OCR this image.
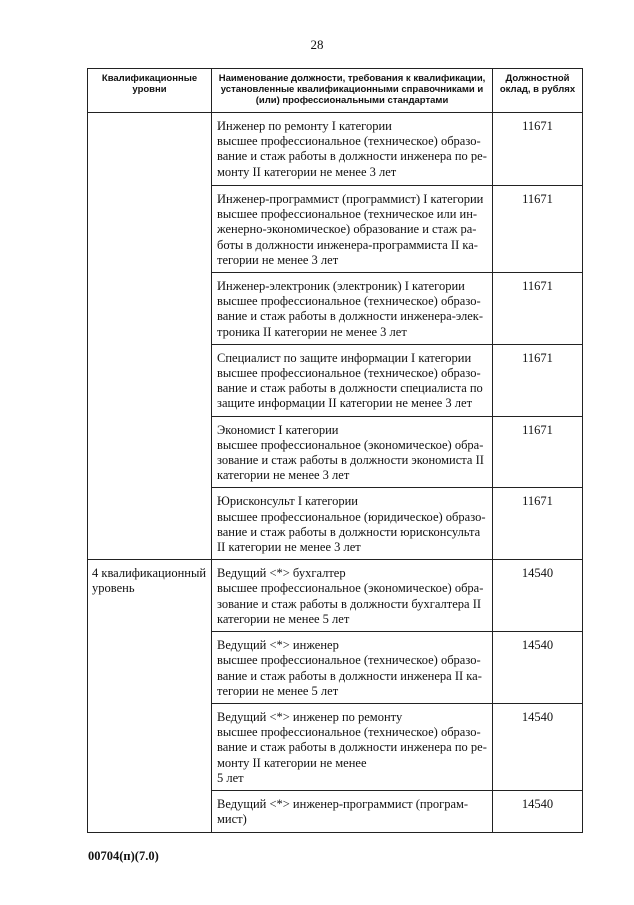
28
Квалификационные
уровни	Наименование должности, требования к квалификации,
установленные квалификационными справочниками и
(или) профессиональными стандартами	Должностной
оклад, в рублях

	Инженер по ремонту I категории
высшее профессиональное (техническое) образо-
вание и стаж работы в должности инженера по ре-
монту II категории не менее 3 лет	11671

	Инженер-программист (программист) I категории
высшее профессиональное (техническое или ин-
женерно-экономическое) образование и стаж ра-
боты в должности инженера-программиста II ка-
тегории не менее 3 лет	11671

	Инженер-электроник (электроник) I категории
высшее профессиональное (техническое) образо-
вание и стаж работы в должности инженера-элек-
троника II категории не менее 3 лет	11671

	Специалист по защите информации I категории
высшее профессиональное (техническое) образо-
вание и стаж работы в должности специалиста по
защите информации II категории не менее 3 лет	11671

	Экономист I категории
высшее профессиональное (экономическое) обра-
зование и стаж работы в должности экономиста II
категории не менее 3 лет	11671

	Юрисконсульт I категории
высшее профессиональное (юридическое) образо-
вание и стаж работы в должности юрисконсульта
II категории не менее 3 лет	11671

4 квалификационный
уровень	Ведущий <*> бухгалтер
высшее профессиональное (экономическое) обра-
зование и стаж работы в должности бухгалтера II
категории не менее 5 лет	14540

	Ведущий <*> инженер
высшее профессиональное (техническое) образо-
вание и стаж работы в должности инженера II ка-
тегории не менее 5 лет	14540

	Ведущий <*> инженер по ремонту
высшее профессиональное (техническое) образо-
вание и стаж работы в должности инженера по ре-
монту II категории не менее
5 лет	14540

	Ведущий <*> инженер-программист (програм-
мист)	14540
00704(п)(7.0)
